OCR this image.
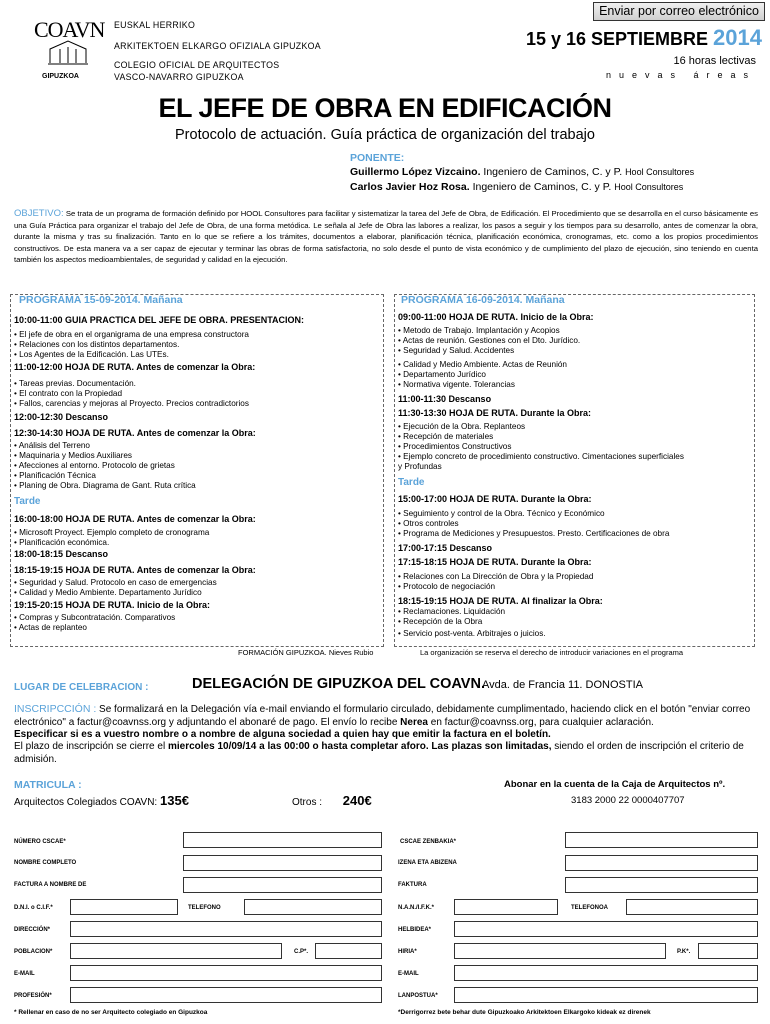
Enviar por correo electrónico
COAVN
GIPUZKOA
EUSKAL HERRIKO
ARKITEKTOEN ELKARGO OFIZIALA GIPUZKOA
COLEGIO OFICIAL DE ARQUITECTOS
VASCO-NAVARRO GIPUZKOA
15 y 16 SEPTIEMBRE 2014
16 horas lectivas
nuevas áreas
EL JEFE DE OBRA EN EDIFICACIÓN
Protocolo de actuación. Guía práctica de organización del trabajo
PONENTE:
Guillermo López Vizcaino. Ingeniero de Caminos, C. y P. Hool Consultores
Carlos Javier Hoz Rosa. Ingeniero de Caminos, C. y P. Hool Consultores
OBJETIVO: Se trata de un programa de formación definido por HOOL Consultores para facilitar y sistematizar la tarea del Jefe de Obra, de Edificación. El Procedimiento que se desarrolla en el curso básicamente es una Guía Práctica para organizar el trabajo del Jefe de Obra, de una forma metódica. Le señala al Jefe de Obra las labores a realizar, los pasos a seguir y los tiempos para su desarrollo, antes de comenzar la obra, durante la misma y tras su finalización. Tanto en lo que se refiere a los trámites, documentos a elaborar, planificación técnica, planificación económica, cronogramas, etc. como a los propios procedimientos constructivos. De esta manera va a ser capaz de ejecutar y terminar las obras de forma satisfactoria, no solo desde el punto de vista económico y de cumplimiento del plazo de ejecución, sino teniendo en cuenta también los aspectos medioambientales, de seguridad y calidad en la ejecución.
PROGRAMA 15-09-2014. Mañana
10:00-11:00 GUIA PRACTICA DEL JEFE DE OBRA. PRESENTACION:
• El jefe de obra en el organigrama de una empresa constructora
• Relaciones con los distintos departamentos.
• Los Agentes de la Edificación. Las UTEs.
11:00-12:00 HOJA DE RUTA. Antes de comenzar la Obra:
• Tareas previas. Documentación.
• El contrato con la Propiedad
• Fallos, carencias y mejoras al Proyecto. Precios contradictorios
12:00-12:30 Descanso
12:30-14:30 HOJA DE RUTA. Antes de comenzar la Obra:
• Análisis del Terreno
• Maquinaria y Medios Auxiliares
• Afecciones al entorno. Protocolo de grietas
• Planificación Técnica
• Planing de Obra. Diagrama de Gant. Ruta crítica
Tarde
16:00-18:00 HOJA DE RUTA. Antes de comenzar la Obra:
• Microsoft Proyect. Ejemplo completo de cronograma
• Planificación económica.
18:00-18:15 Descanso
18:15-19:15 HOJA DE RUTA. Antes de comenzar la Obra:
• Seguridad y Salud. Protocolo en caso de emergencias
• Calidad y Medio Ambiente. Departamento Jurídico
19:15-20:15 HOJA DE RUTA. Inicio de la Obra:
• Compras y Subcontratación. Comparativos
• Actas de replanteo
PROGRAMA 16-09-2014. Mañana
09:00-11:00 HOJA DE RUTA. Inicio de la Obra:
• Metodo de Trabajo. Implantación y Acopios
• Actas de reunión. Gestiones con el Dto. Jurídico.
• Seguridad y Salud. Accidentes
• Calidad y Medio Ambiente. Actas de Reunión
• Departamento Jurídico
• Normativa vigente. Tolerancias
11:00-11:30 Descanso
11:30-13:30 HOJA DE RUTA. Durante la Obra:
• Ejecución de la Obra. Replanteos
• Recepción de materiales
• Procedimientos Constructivos
• Ejemplo concreto de procedimiento constructivo. Cimentaciones superficiales
y Profundas
Tarde
15:00-17:00 HOJA DE RUTA. Durante la Obra:
• Seguimiento y control de la Obra. Técnico y Económico
• Otros controles
• Programa de Mediciones y Presupuestos. Presto. Certificaciones de obra
17:00-17:15 Descanso
17:15-18:15 HOJA DE RUTA. Durante la Obra:
• Relaciones con La Dirección de Obra y la Propiedad
• Protocolo de negociación
18:15-19:15 HOJA DE RUTA. Al finalizar la Obra:
• Reclamaciones. Liquidación
• Recepción de la Obra
• Servicio post-venta. Arbitrajes o juicios.
FORMACIÓN GIPUZKOA. Nieves Rubio	La organización se reserva el derecho de introducir variaciones en el programa
LUGAR DE CELEBRACION :	DELEGACIÓN DE GIPUZKOA DEL COAVN.
Avda. de Francia 11. DONOSTIA
INSCRIPCCIÓN : Se formalizará en la Delegación vía e-mail enviando el formulario circulado, debidamente cumplimentado, haciendo click en el botón "enviar correo electrónico" a factur@coavnss.org y adjuntando el abonaré de pago. El envío lo recibe Nerea en factur@coavnss.org, para cualquier aclaración.
Especificar si es a vuestro nombre o a nombre de alguna sociedad a quien hay que emitir la factura en el boletín.
El plazo de inscripción se cierre el miercoles 10/09/14 a las 00:00 o hasta completar aforo. Las plazas son limitadas, siendo el orden de inscripción el criterio de admisión.
MATRICULA :
Arquitectos Colegiados COAVN: 135€	Otros : 240€
Abonar en la cuenta de la Caja de Arquitectos nº.
3183 2000 22 0000407707
NÚMERO CSCAE*
NOMBRE COMPLETO
FACTURA A NOMBRE DE
D.N.I. o C.I.F.*	TELEFONO
DIRECCIÓN*
POBLACION*	C.P*.
E-MAIL
PROFESIÓN*
* Rellenar en caso de no ser Arquitecto colegiado en Gipuzkoa
CSCAE ZENBAKIA*
IZENA ETA ABIZENA
FAKTURA
N.A.N./I.F.K.*	TELEFONOA
HELBIDEA*
HIRIA*	P.K*.
E-MAIL
LANPOSTUA*
*Derrigorrez bete behar dute Gipuzkoako Arkitektoen Elkargoko kideak ez direnek
